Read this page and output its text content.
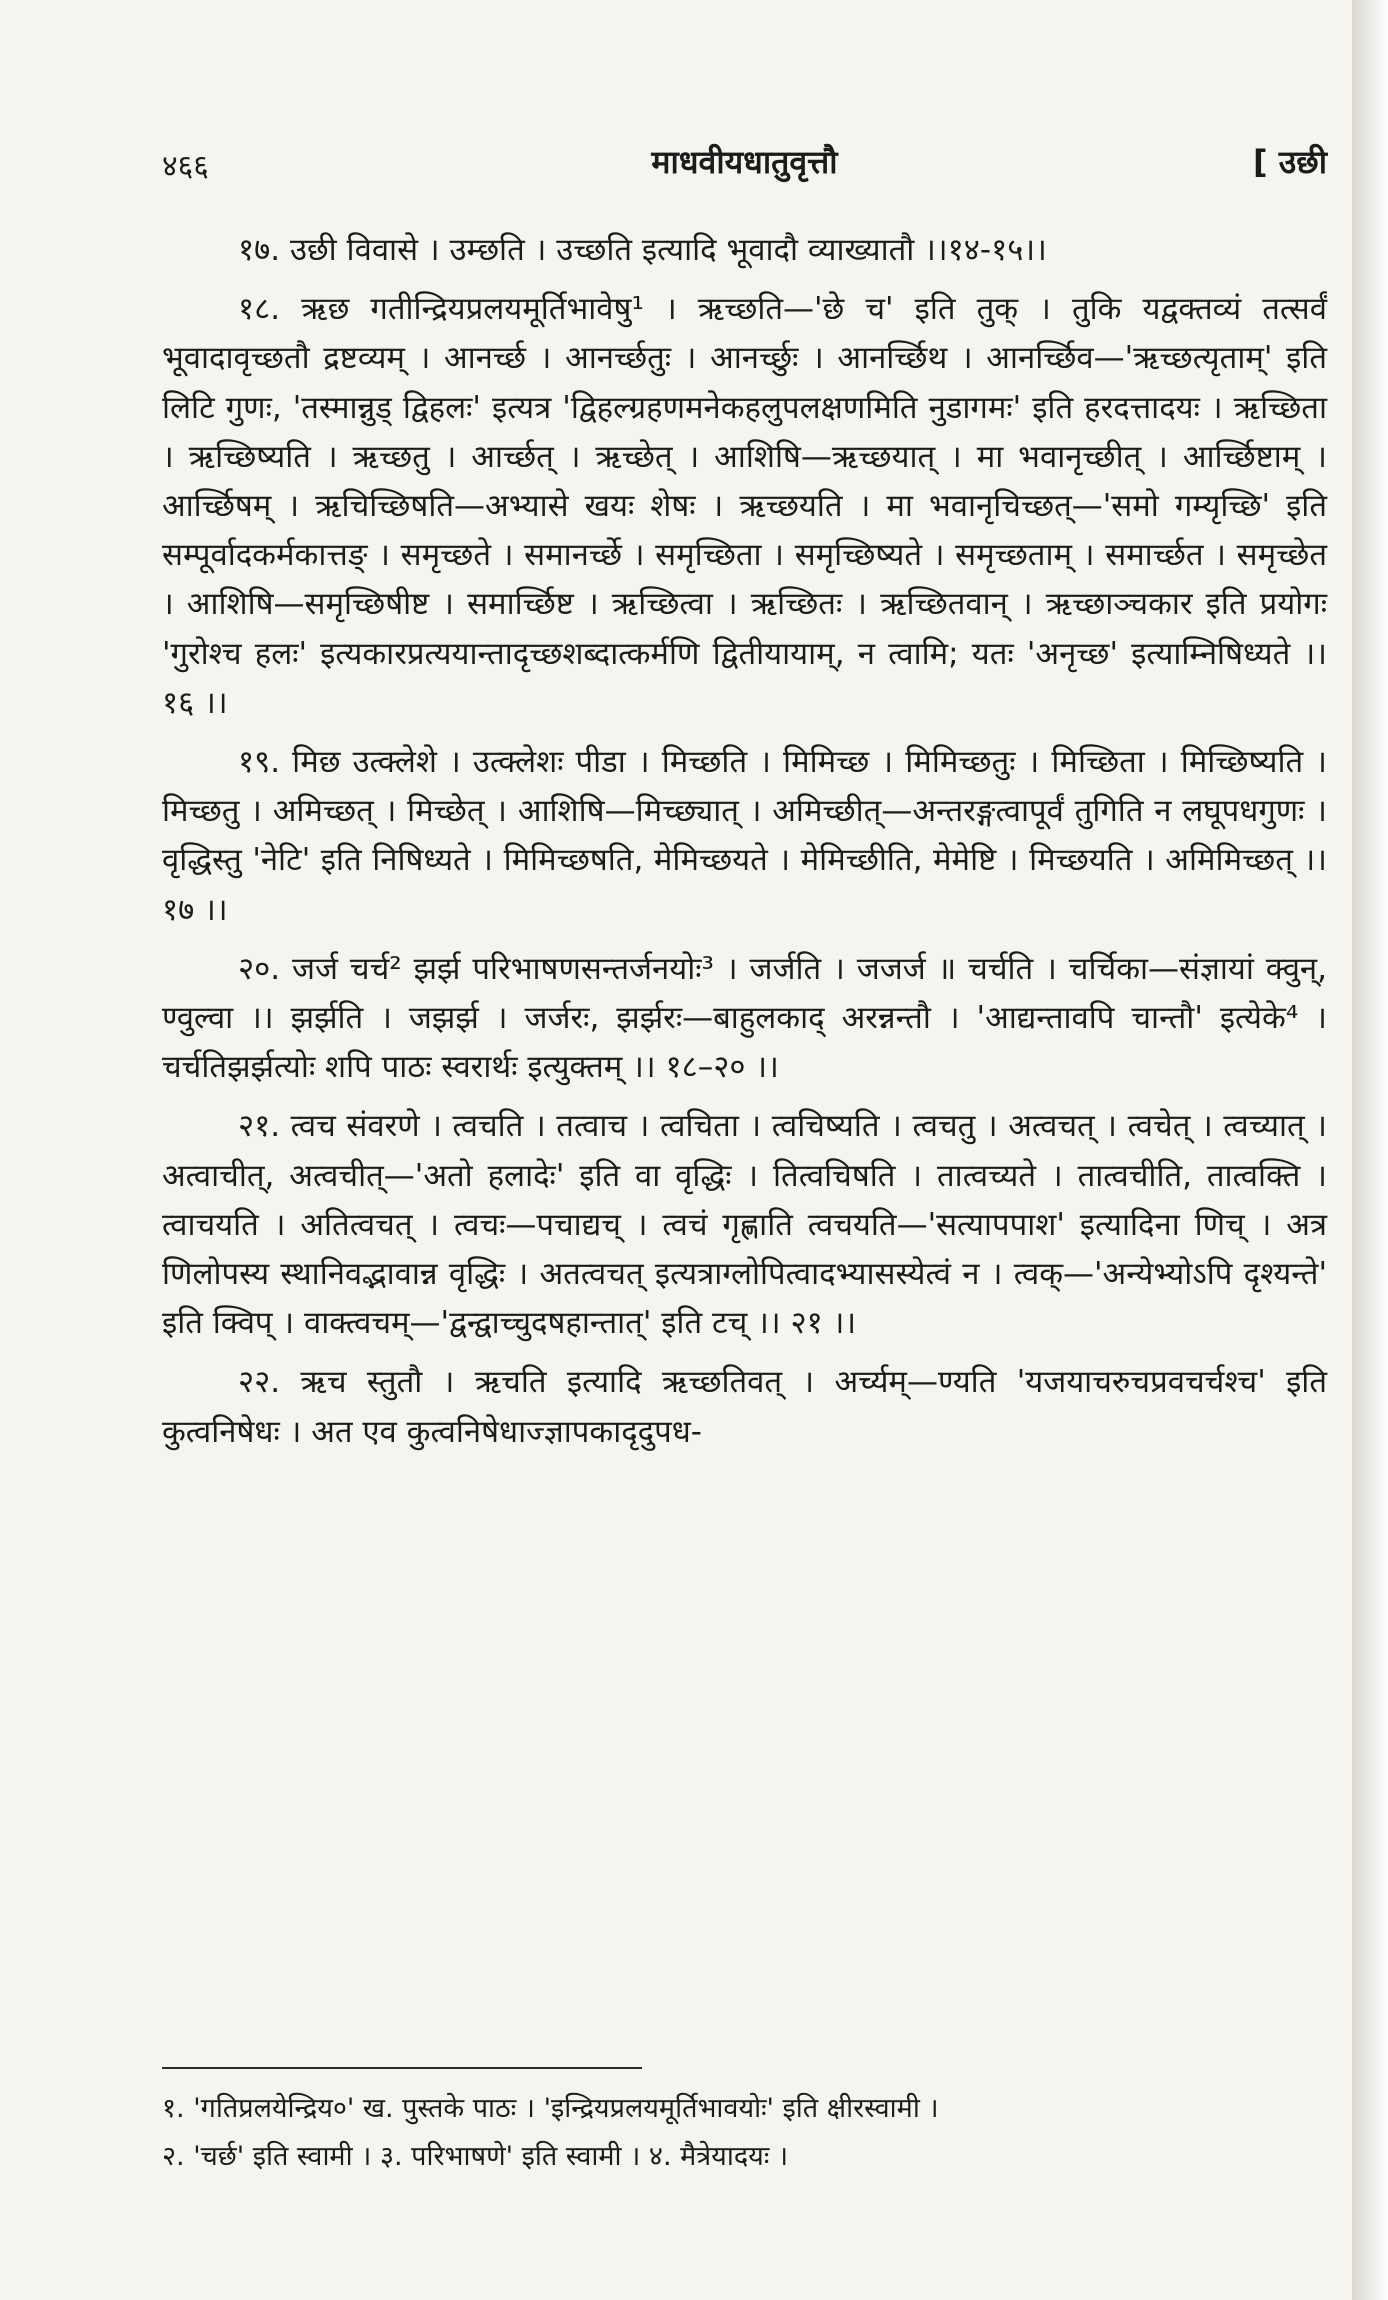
४६६	माधवीयधातुवृत्तौ	[ उछी

१७. उछी विवासे । उम्छति । उच्छति इत्यादि भूवादौ व्याख्यातौ ।।१४-१५।।

१८. ऋछ गतीन्द्रियप्रलयमूर्तिभावेषु¹ । ऋच्छति—'छे च' इति तुक् । तुकि यद्वक्तव्यं तत्सर्वं भूवादावृच्छतौ द्रष्टव्यम् । आनर्च्छ । आनर्च्छतुः । आनर्च्छुः । आनर्च्छिथ । आनर्च्छिव—'ऋच्छत्यृताम्' इति लिटि गुणः, 'तस्मान्नुड् द्विहलः' इत्यत्र 'द्विहल्ग्रहणमनेकहलुपलक्षणमिति नुडागमः' इति हरदत्तादयः । ऋच्छिता । ऋच्छिष्यति । ऋच्छतु । आर्च्छत् । ऋच्छेत् । आशिषि—ऋच्छयात् । मा भवानृच्छीत् । आर्च्छिष्टाम् । आर्च्छिषम् । ऋचिच्छिषति—अभ्यासे खयः शेषः । ऋच्छयति । मा भवानृचिच्छत्—'समो गम्यृच्छि' इति सम्पूर्वादकर्मकात्तङ् । समृच्छते । समानर्च्छे । समृच्छिता । समृच्छिष्यते । समृच्छताम् । समार्च्छत । समृच्छेत । आशिषि—समृच्छिषीष्ट । समार्च्छिष्ट । ऋच्छित्वा । ऋच्छितः । ऋच्छितवान् । ऋच्छाञ्चकार इति प्रयोगः 'गुरोश्च हलः' इत्यकारप्रत्ययान्तादृच्छशब्दात्कर्मणि द्वितीयायाम्, न त्वामि; यतः 'अनृच्छ' इत्याम्निषिध्यते ।। १६ ।।

१९. मिछ उत्क्लेशे । उत्क्लेशः पीडा । मिच्छति । मिमिच्छ । मिमिच्छतुः । मिच्छिता । मिच्छिष्यति । मिच्छतु । अमिच्छत् । मिच्छेत् । आशिषि—मिच्छ्यात् । अमिच्छीत्—अन्तरङ्गत्वापूर्वं तुगिति न लघूपधगुणः । वृद्धिस्तु 'नेटि' इति निषिध्यते । मिमिच्छषति, मेमिच्छयते । मेमिच्छीति, मेमेष्टि । मिच्छयति । अमिमिच्छत् ।। १७ ।।

२०. जर्ज चर्च² झर्झ परिभाषणसन्तर्जनयोः³ । जर्जति । जजर्ज ॥ चर्चति । चर्चिका—संज्ञायां क्वुन्, ण्वुल्वा ।। झर्झति । जझर्झ । जर्जरः, झर्झरः—बाहुलकाद् अरन्नन्तौ । 'आद्यन्तावपि चान्तौ' इत्येके⁴ । चर्चतिझर्झत्योः शपि पाठः स्वरार्थः इत्युक्तम् ।। १८–२० ।।

२१. त्वच संवरणे । त्वचति । तत्वाच । त्वचिता । त्वचिष्यति । त्वचतु । अत्वचत् । त्वचेत् । त्वच्यात् । अत्वाचीत्, अत्वचीत्—'अतो हलादेः' इति वा वृद्धिः । तित्वचिषति । तात्वच्यते । तात्वचीति, तात्वक्ति । त्वाचयति । अतित्वचत् । त्वचः—पचाद्यच् । त्वचं गृह्णाति त्वचयति—'सत्यापपाश' इत्यादिना णिच् । अत्र णिलोपस्य स्थानिवद्भावान्न वृद्धिः । अतत्वचत् इत्यत्राग्लोपित्वादभ्यासस्येत्वं न । त्वक्—'अन्येभ्योऽपि दृश्यन्ते' इति क्विप् । वाक्त्वचम्—'द्वन्द्वाच्चुदषहान्तात्' इति टच् ।। २१ ।।

२२. ऋच स्तुतौ । ऋचति इत्यादि ऋच्छतिवत् । अर्च्यम्—ण्यति 'यजयाचरुचप्रवचर्चश्च' इति कुत्वनिषेधः । अत एव कुत्वनिषेधाज्ज्ञापकादृदुपध-

१. 'गतिप्रलयेन्द्रिय०' ख. पुस्तके पाठः । 'इन्द्रियप्रलयमूर्तिभावयोः' इति क्षीरस्वामी ।
२. 'चर्छ' इति स्वामी । ३. परिभाषणे' इति स्वामी । ४. मैत्रेयादयः ।
